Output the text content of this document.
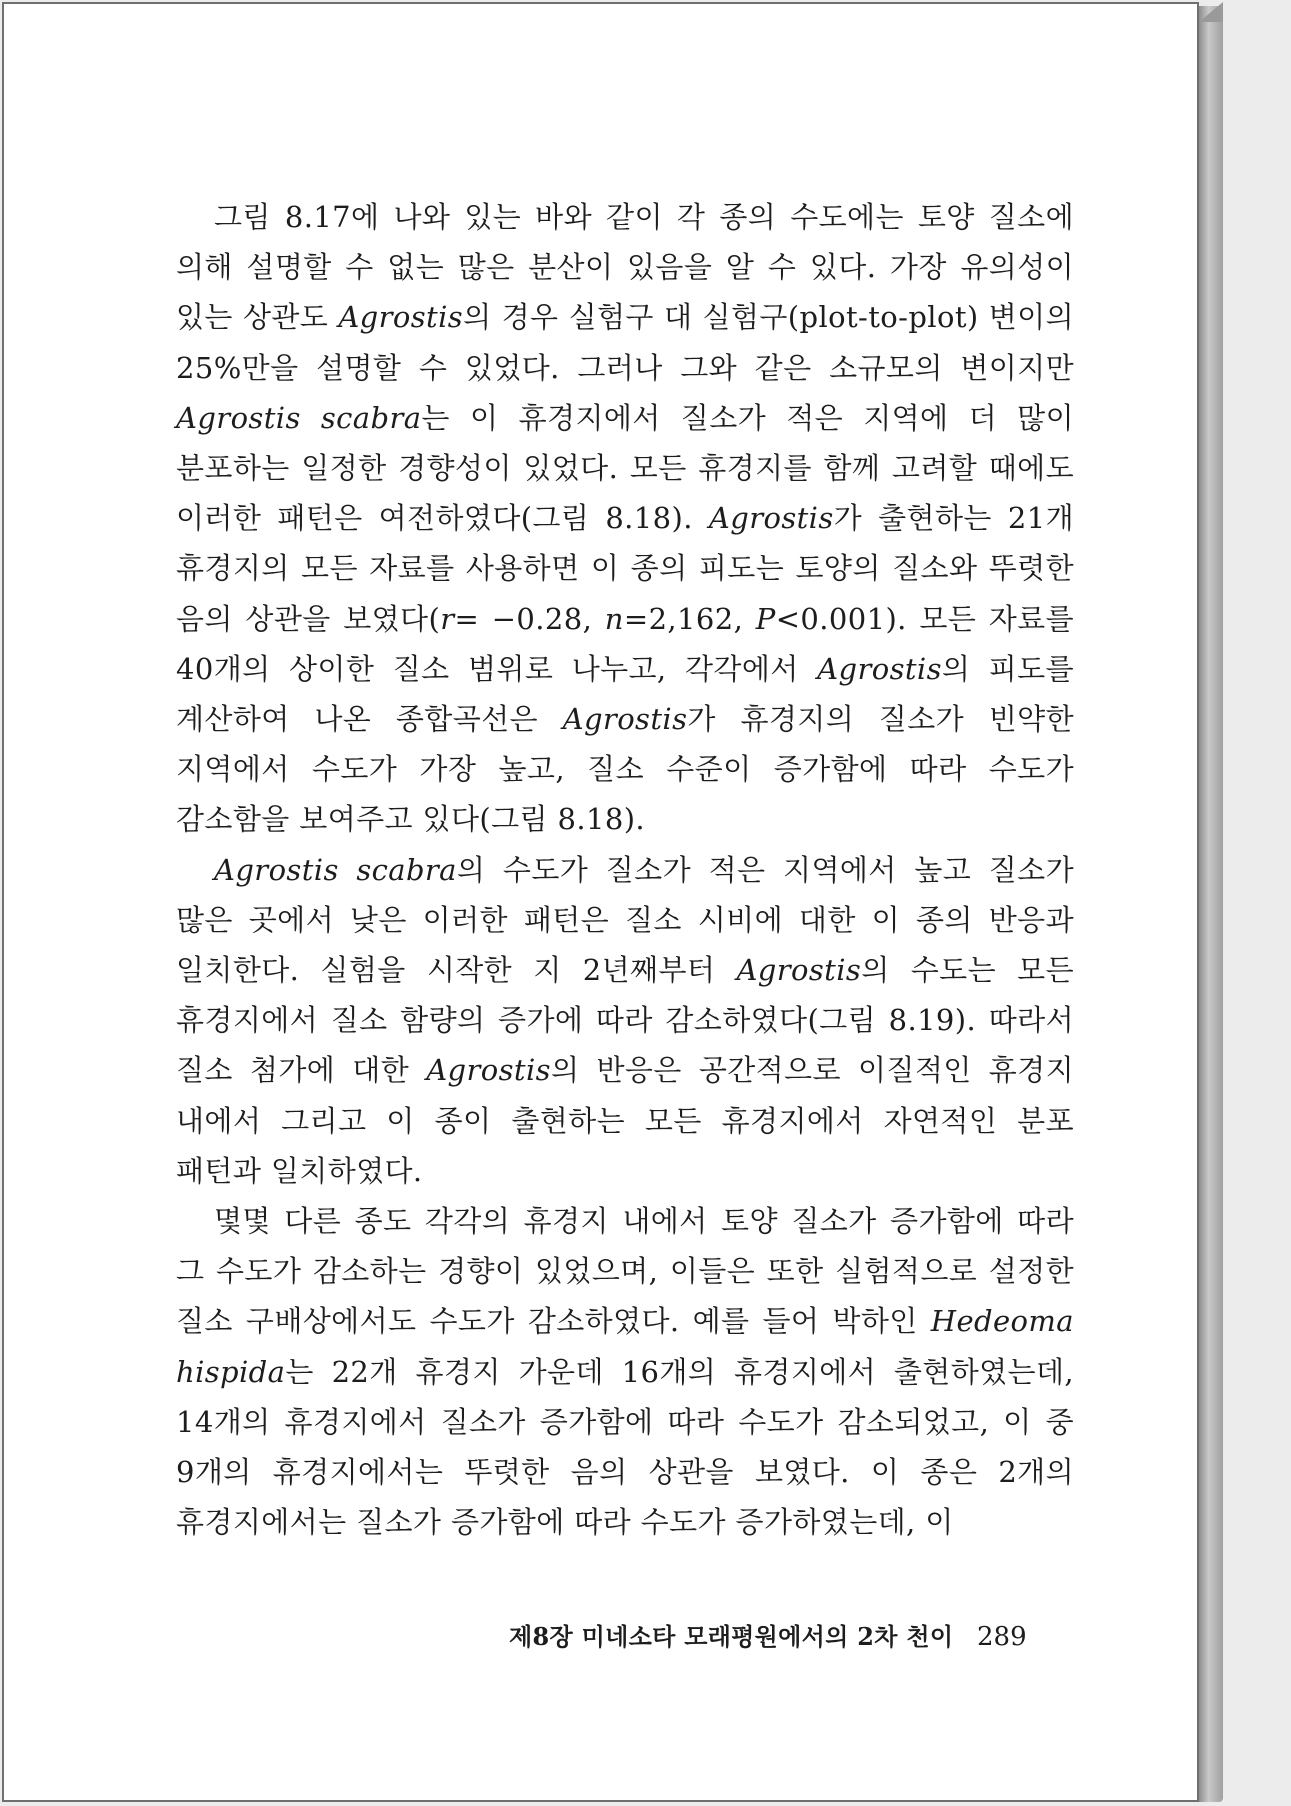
그림 8.17에 나와 있는 바와 같이 각 종의 수도에는 토양 질소에 의해 설명할 수 없는 많은 분산이 있음을 알 수 있다. 가장 유의성이 있는 상관도 Agrostis의 경우 실험구 대 실험구(plot-to-plot) 변이의 25%만을 설명할 수 있었다. 그러나 그와 같은 소규모의 변이지만 Agrostis scabra는 이 휴경지에서 질소가 적은 지역에 더 많이 분포하는 일정한 경향성이 있었다. 모든 휴경지를 함께 고려할 때에도 이러한 패턴은 여전하였다(그림 8.18). Agrostis가 출현하는 21개 휴경지의 모든 자료를 사용하면 이 종의 피도는 토양의 질소와 뚜렷한 음의 상관을 보였다(r= −0.28, n=2,162, P<0.001). 모든 자료를 40개의 상이한 질소 범위로 나누고, 각각에서 Agrostis의 피도를 계산하여 나온 종합곡선은 Agrostis가 휴경지의 질소가 빈약한 지역에서 수도가 가장 높고, 질소 수준이 증가함에 따라 수도가 감소함을 보여주고 있다(그림 8.18).

Agrostis scabra의 수도가 질소가 적은 지역에서 높고 질소가 많은 곳에서 낮은 이러한 패턴은 질소 시비에 대한 이 종의 반응과 일치한다. 실험을 시작한 지 2년째부터 Agrostis의 수도는 모든 휴경지에서 질소 함량의 증가에 따라 감소하였다(그림 8.19). 따라서 질소 첨가에 대한 Agrostis의 반응은 공간적으로 이질적인 휴경지 내에서 그리고 이 종이 출현하는 모든 휴경지에서 자연적인 분포 패턴과 일치하였다.

몇몇 다른 종도 각각의 휴경지 내에서 토양 질소가 증가함에 따라 그 수도가 감소하는 경향이 있었으며, 이들은 또한 실험적으로 설정한 질소 구배상에서도 수도가 감소하였다. 예를 들어 박하인 Hedeoma hispida는 22개 휴경지 가운데 16개의 휴경지에서 출현하였는데, 14개의 휴경지에서 질소가 증가함에 따라 수도가 감소되었고, 이 중 9개의 휴경지에서는 뚜렷한 음의 상관을 보였다. 이 종은 2개의 휴경지에서는 질소가 증가함에 따라 수도가 증가하였는데, 이

제8장 미네소타 모래평원에서의 2차 천이 289
